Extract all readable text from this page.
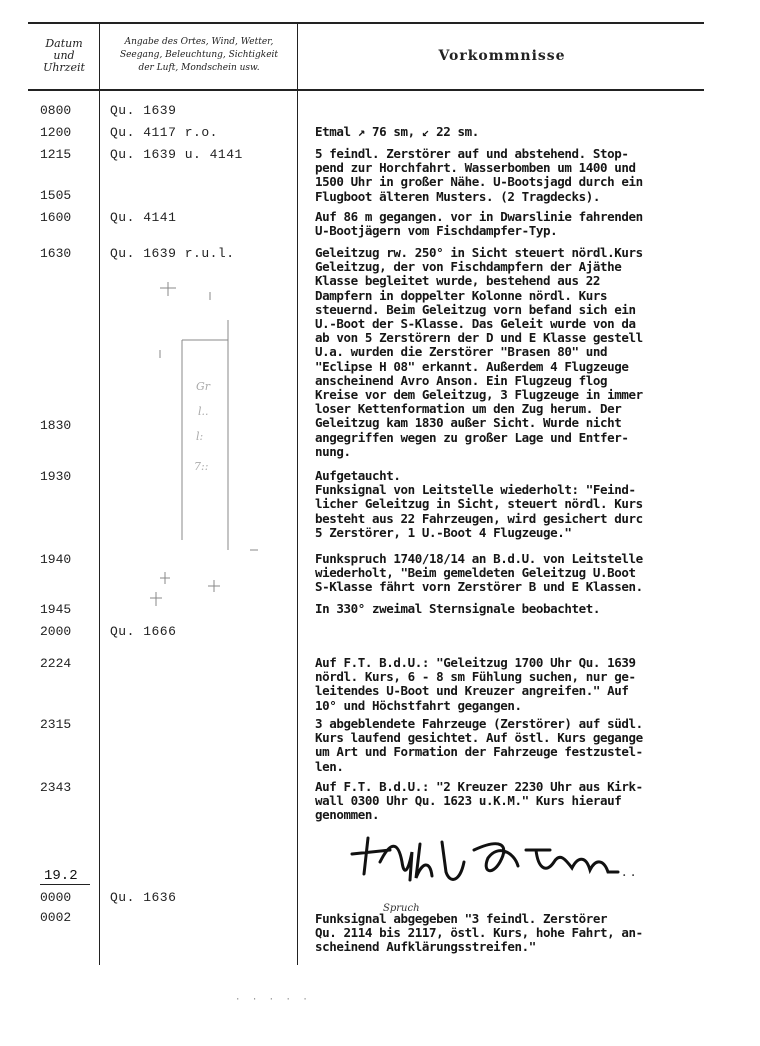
Datum
und
Uhrzeit
Angabe des Ortes, Wind, Wetter,
Seegang, Beleuchtung, Sichtigkeit
der Luft, Mondschein usw.
Vorkommnisse
0800
1200
1215
1505
1600
1630
1830
1930
1940
1945
2000
2224
2315
2343
19.2
0000
0002
Qu. 1639
Qu. 4117 r.o.
Qu. 1639 u. 4141
Qu. 4141
Qu. 1639 r.u.l.
Qu. 1666
Qu. 1636
Gr
l..
l:
7::
Etmal ↗ 76 sm, ↙ 22 sm.
5 feindl. Zerstörer auf und abstehend. Stop-
pend zur Horchfahrt. Wasserbomben um 1400 und
1500 Uhr in großer Nähe. U-Bootsjagd durch ein
Flugboot älteren Musters. (2 Tragdecks).
Auf 86 m gegangen. vor in Dwarslinie fahrenden
U-Bootjägern vom Fischdampfer-Typ.
Geleitzug rw. 250° in Sicht steuert nördl.Kurs
Geleitzug, der von Fischdampfern der Ajäthe
Klasse begleitet wurde, bestehend aus 22
Dampfern in doppelter Kolonne nördl. Kurs
steuernd. Beim Geleitzug vorn befand sich ein
U.-Boot der S-Klasse. Das Geleit wurde von da
ab von 5 Zerstörern der D und E Klasse gestell
U.a. wurden die Zerstörer "Brasen 80" und
"Eclipse H 08" erkannt. Außerdem 4 Flugzeuge
anscheinend Avro Anson. Ein Flugzeug flog
Kreise vor dem Geleitzug, 3 Flugzeuge in immer
loser Kettenformation um den Zug herum. Der
Geleitzug kam 1830 außer Sicht. Wurde nicht
angegriffen wegen zu großer Lage und Entfer-
nung.
Aufgetaucht.
Funksignal von Leitstelle wiederholt: "Feind-
licher Geleitzug in Sicht, steuert nördl. Kurs
besteht aus 22 Fahrzeugen, wird gesichert durc
5 Zerstörer, 1 U.-Boot 4 Flugzeuge."
Funkspruch 1740/18/14 an B.d.U. von Leitstelle
wiederholt, "Beim gemeldeten Geleitzug U.Boot
S-Klasse fährt vorn Zerstörer B und E Klassen.
In 330° zweimal Sternsignale beobachtet.
Auf F.T. B.d.U.: "Geleitzug 1700 Uhr Qu. 1639
nördl. Kurs, 6 - 8 sm Fühlung suchen, nur ge-
leitendes U-Boot und Kreuzer angreifen." Auf
10° und Höchstfahrt gegangen.
3 abgeblendete Fahrzeuge (Zerstörer) auf südl.
Kurs laufend gesichtet. Auf östl. Kurs gegange
um Art und Formation der Fahrzeuge festzustel-
len.
Auf F.T. B.d.U.: "2 Kreuzer 2230 Uhr aus Kirk-
wall 0300 Uhr Qu. 1623 u.K.M." Kurs hierauf
genommen.
. .
Spruch
Funksignal abgegeben "3 feindl. Zerstörer
Qu. 2114 bis 2117, östl. Kurs, hohe Fahrt, an-
scheinend Aufklärungsstreifen."
· · · · ·
